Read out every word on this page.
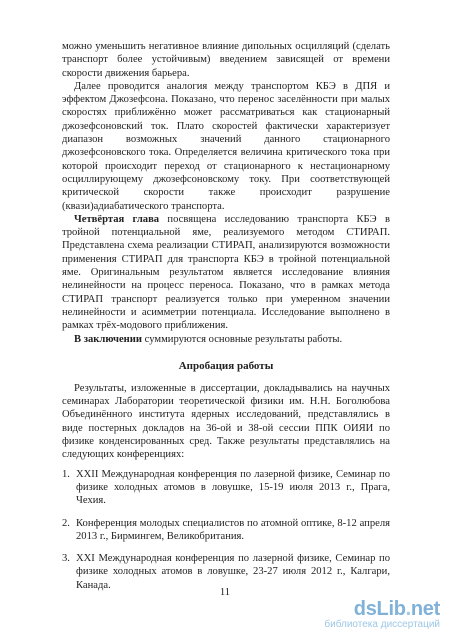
можно уменьшить негативное влияние дипольных осцилляций (сделать транспорт более устойчивым) введением зависящей от времени скорости движения барьера.

Далее проводится аналогия между транспортом КБЭ в ДПЯ и эффектом Джозефсона. Показано, что перенос заселённости при малых скоростях приближённо может рассматриваться как стационарный джозефсоновский ток. Плато скоростей фактически характеризует диапазон возможных значений данного стационарного джозефсоновского тока. Определяется величина критического тока при которой происходит переход от стационарного к нестационарному осциллирующему джозефсоновскому току. При соответствующей критической скорости также происходит разрушение (квази)адиабатического транспорта.

Четвёртая глава посвящена исследованию транспорта КБЭ в тройной потенциальной яме, реализуемого методом СТИРАП. Представлена схема реализации СТИРАП, анализируются возможности применения СТИРАП для транспорта КБЭ в тройной потенциальной яме. Оригинальным результатом является исследование влияния нелинейности на процесс переноса. Показано, что в рамках метода СТИРАП транспорт реализуется только при умеренном значении нелинейности и асимметрии потенциала. Исследование выполнено в рамках трёх-модового приближения.

В заключении суммируются основные результаты работы.

Апробация работы

Результаты, изложенные в диссертации, докладывались на научных семинарах Лаборатории теоретической физики им. Н.Н. Боголюбова Объединённого института ядерных исследований, представлялись в виде постерных докладов на 36-ой и 38-ой сессии ППК ОИЯИ по физике конденсированных сред. Также результаты представлялись на следующих конференциях:

1. XXII Международная конференция по лазерной физике, Семинар по физике холодных атомов в ловушке, 15-19 июля 2013 г., Прага, Чехия.
2. Конференция молодых специалистов по атомной оптике, 8-12 апреля 2013 г., Бирмингем, Великобритания.
3. XXI Международная конференция по лазерной физике, Семинар по физике холодных атомов в ловушке, 23-27 июля 2012 г., Калгари, Канада.
11
dsLib.net
библиотека диссертаций
